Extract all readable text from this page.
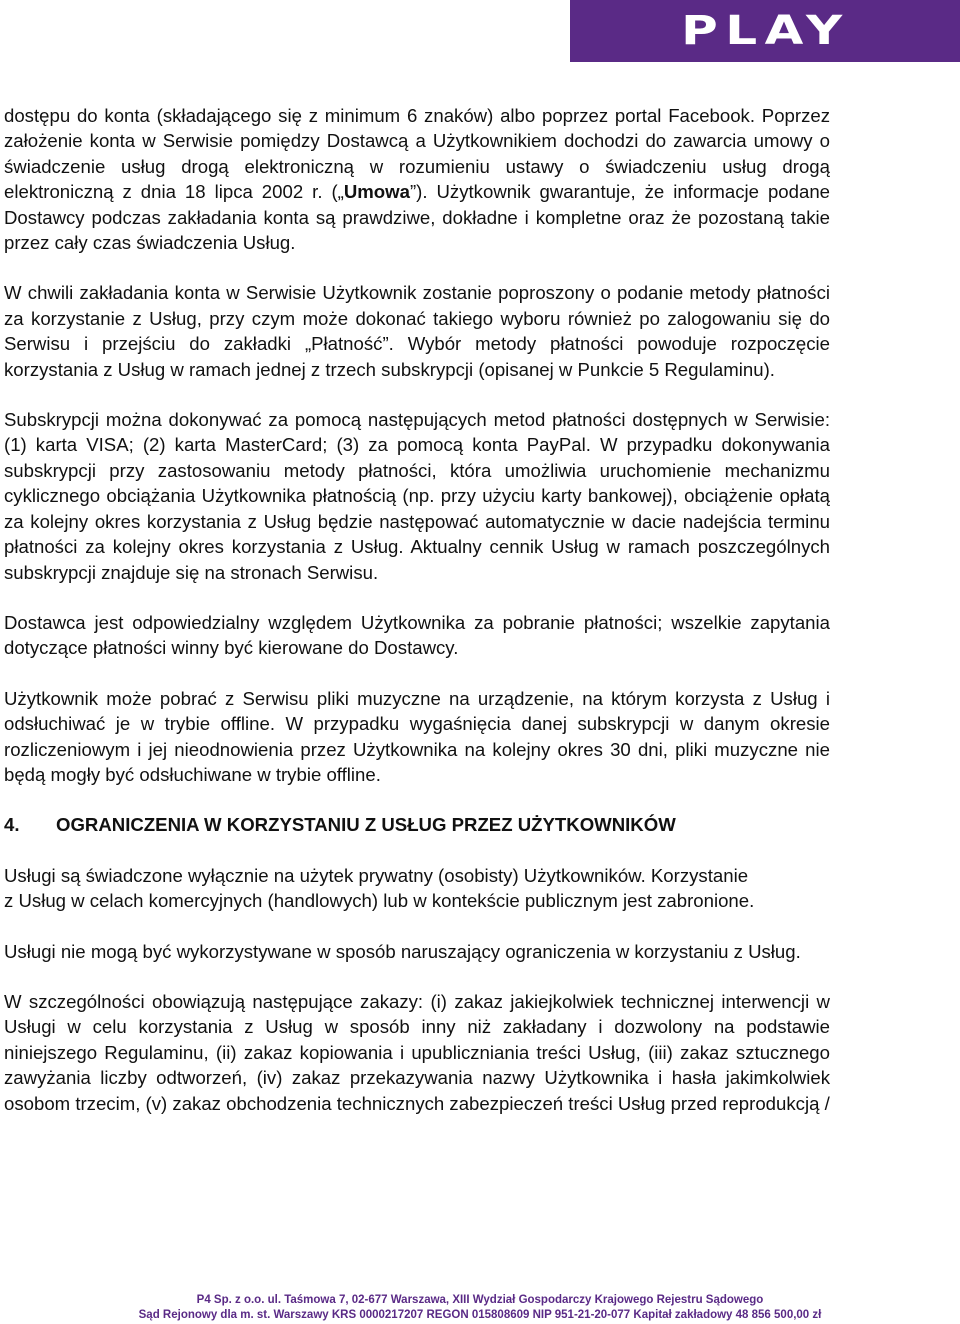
PLAY

dostępu do konta (składającego się z minimum 6 znaków) albo poprzez portal Facebook. Poprzez założenie konta w Serwisie pomiędzy Dostawcą a Użytkownikiem dochodzi do zawarcia umowy o świadczenie usług drogą elektroniczną w rozumieniu ustawy o świadczeniu usług drogą elektroniczną z dnia 18 lipca 2002 r. („Umowa”). Użytkownik gwarantuje, że informacje podane Dostawcy podczas zakładania konta są prawdziwe, dokładne i kompletne oraz że pozostaną takie przez cały czas świadczenia Usług.

W chwili zakładania konta w Serwisie Użytkownik zostanie poproszony o podanie metody płatności za korzystanie z Usług, przy czym może dokonać takiego wyboru również po zalogowaniu się do Serwisu i przejściu do zakładki „Płatność”. Wybór metody płatności powoduje rozpoczęcie korzystania z Usług w ramach jednej z trzech subskrypcji (opisanej w Punkcie 5 Regulaminu).

Subskrypcji można dokonywać za pomocą następujących metod płatności dostępnych w Serwisie: (1) karta VISA; (2) karta MasterCard; (3) za pomocą konta PayPal. W przypadku dokonywania subskrypcji przy zastosowaniu metody płatności, która umożliwia uruchomienie mechanizmu cyklicznego obciążania Użytkownika płatnością (np. przy użyciu karty bankowej), obciążenie opłatą za kolejny okres korzystania z Usług będzie następować automatycznie w dacie nadejścia terminu płatności za kolejny okres korzystania z Usług. Aktualny cennik Usług w ramach poszczególnych subskrypcji znajduje się na stronach Serwisu.

Dostawca jest odpowiedzialny względem Użytkownika za pobranie płatności; wszelkie zapytania dotyczące płatności winny być kierowane do Dostawcy.

Użytkownik może pobrać z Serwisu pliki muzyczne na urządzenie, na którym korzysta z Usług i odsłuchiwać je w trybie offline. W przypadku wygaśnięcia danej subskrypcji w danym okresie rozliczeniowym i jej nieodnowienia przez Użytkownika na kolejny okres 30 dni, pliki muzyczne nie będą mogły być odsłuchiwane w trybie offline.

4. OGRANICZENIA W KORZYSTANIU Z USŁUG PRZEZ UŻYTKOWNIKÓW

Usługi są świadczone wyłącznie na użytek prywatny (osobisty) Użytkowników. Korzystanie
z Usług w celach komercyjnych (handlowych) lub w kontekście publicznym jest zabronione.

Usługi nie mogą być wykorzystywane w sposób naruszający ograniczenia w korzystaniu z Usług.

W szczególności obowiązują następujące zakazy: (i) zakaz jakiejkolwiek technicznej interwencji w Usługi w celu korzystania z Usług w sposób inny niż zakładany i dozwolony na podstawie niniejszego Regulaminu, (ii) zakaz kopiowania i upubliczniania treści Usług, (iii) zakaz sztucznego zawyżania liczby odtworzeń, (iv) zakaz przekazywania nazwy Użytkownika i hasła jakimkolwiek osobom trzecim, (v) zakaz obchodzenia technicznych zabezpieczeń treści Usług przed reprodukcją /

P4 Sp. z o.o. ul. Taśmowa 7, 02-677 Warszawa, XIII Wydział Gospodarczy Krajowego Rejestru Sądowego
Sąd Rejonowy dla m. st. Warszawy KRS 0000217207 REGON 015808609 NIP 951-21-20-077 Kapitał zakładowy 48 856 500,00 zł
